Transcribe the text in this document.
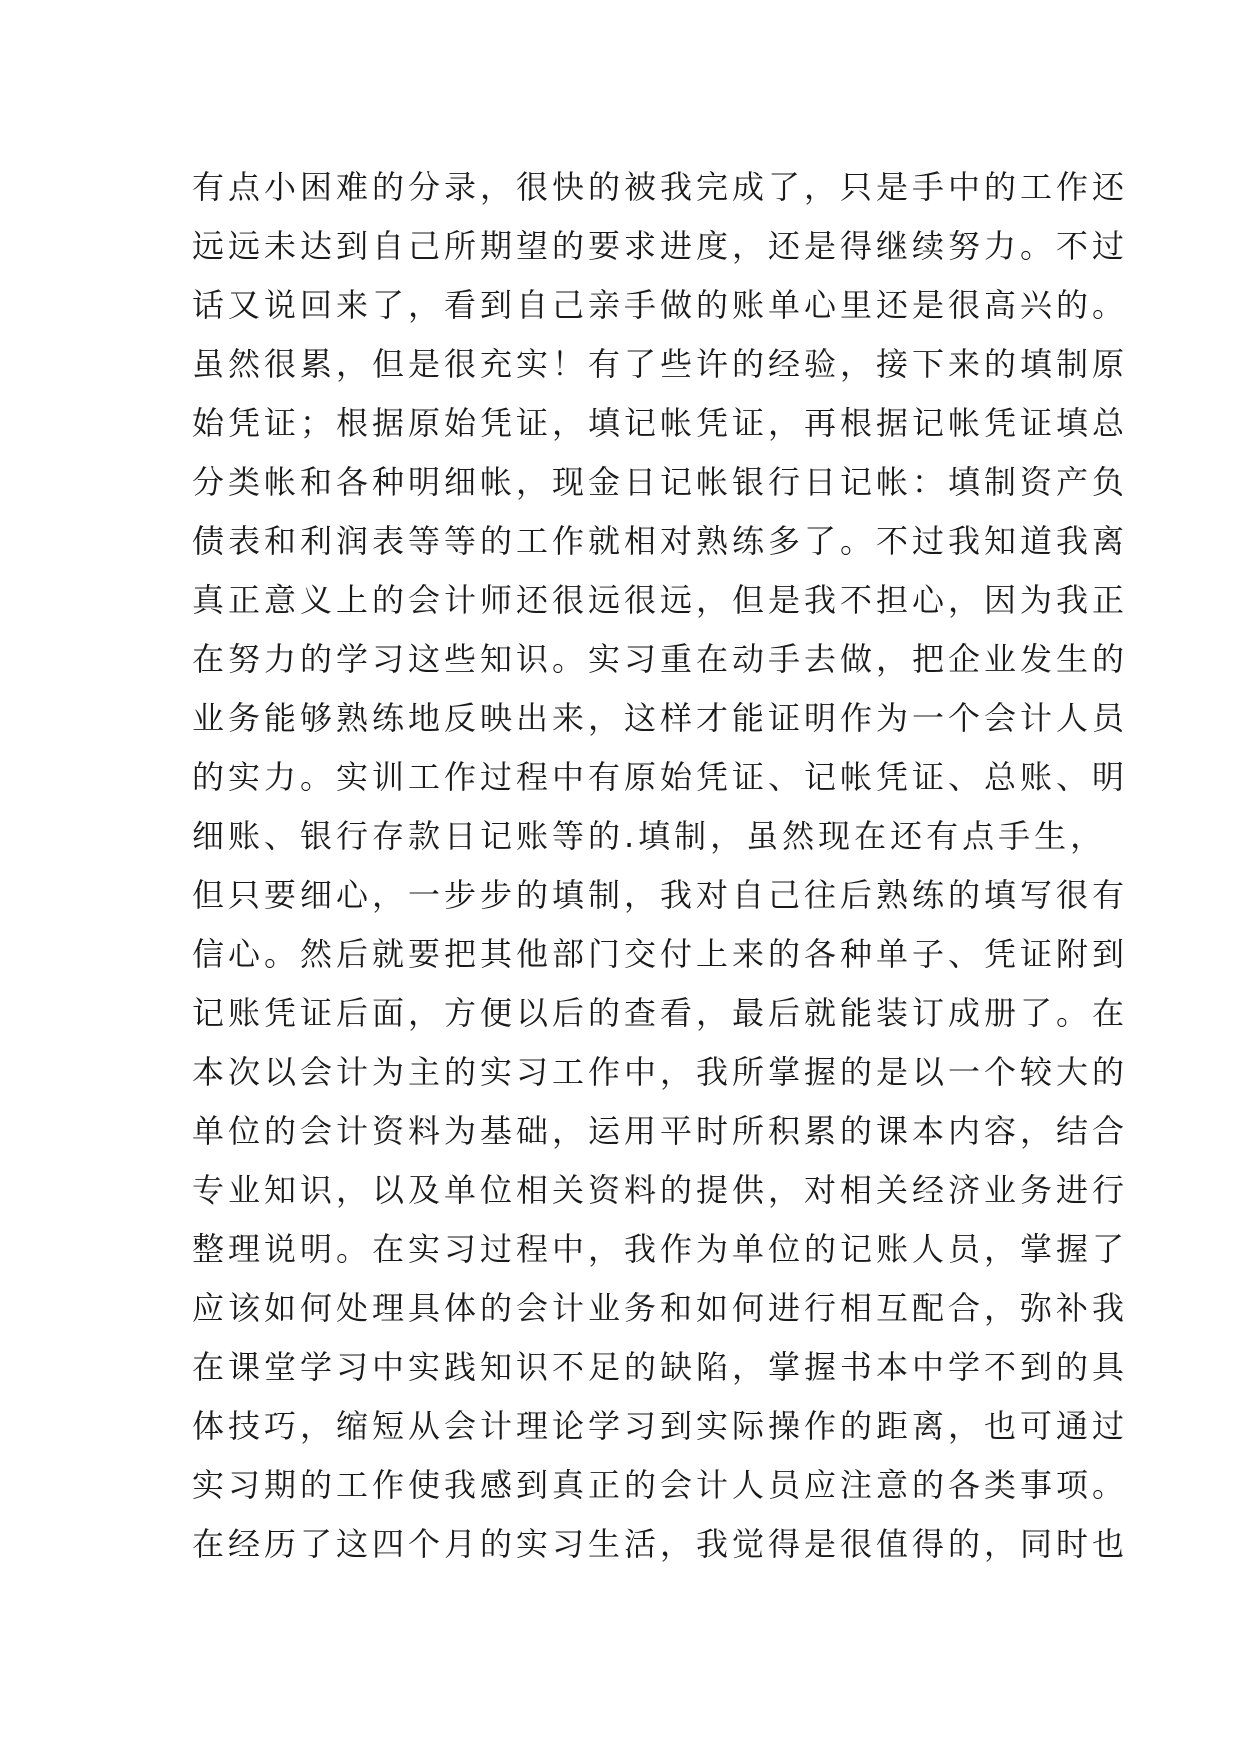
有点小困难的分录，很快的被我完成了，只是手中的工作还
远远未达到自己所期望的要求进度，还是得继续努力。不过
话又说回来了，看到自己亲手做的账单心里还是很高兴的。
虽然很累，但是很充实！有了些许的经验，接下来的填制原
始凭证；根据原始凭证，填记帐凭证，再根据记帐凭证填总
分类帐和各种明细帐，现金日记帐银行日记帐：填制资产负
债表和利润表等等的工作就相对熟练多了。不过我知道我离
真正意义上的会计师还很远很远，但是我不担心，因为我正
在努力的学习这些知识。实习重在动手去做，把企业发生的
业务能够熟练地反映出来，这样才能证明作为一个会计人员
的实力。实训工作过程中有原始凭证、记帐凭证、总账、明
细账、银行存款日记账等的.填制，虽然现在还有点手生，
但只要细心，一步步的填制，我对自己往后熟练的填写很有
信心。然后就要把其他部门交付上来的各种单子、凭证附到
记账凭证后面，方便以后的查看，最后就能装订成册了。在
本次以会计为主的实习工作中，我所掌握的是以一个较大的
单位的会计资料为基础，运用平时所积累的课本内容，结合
专业知识，以及单位相关资料的提供，对相关经济业务进行
整理说明。在实习过程中，我作为单位的记账人员，掌握了
应该如何处理具体的会计业务和如何进行相互配合，弥补我
在课堂学习中实践知识不足的缺陷，掌握书本中学不到的具
体技巧，缩短从会计理论学习到实际操作的距离，也可通过
实习期的工作使我感到真正的会计人员应注意的各类事项。
在经历了这四个月的实习生活，我觉得是很值得的，同时也
